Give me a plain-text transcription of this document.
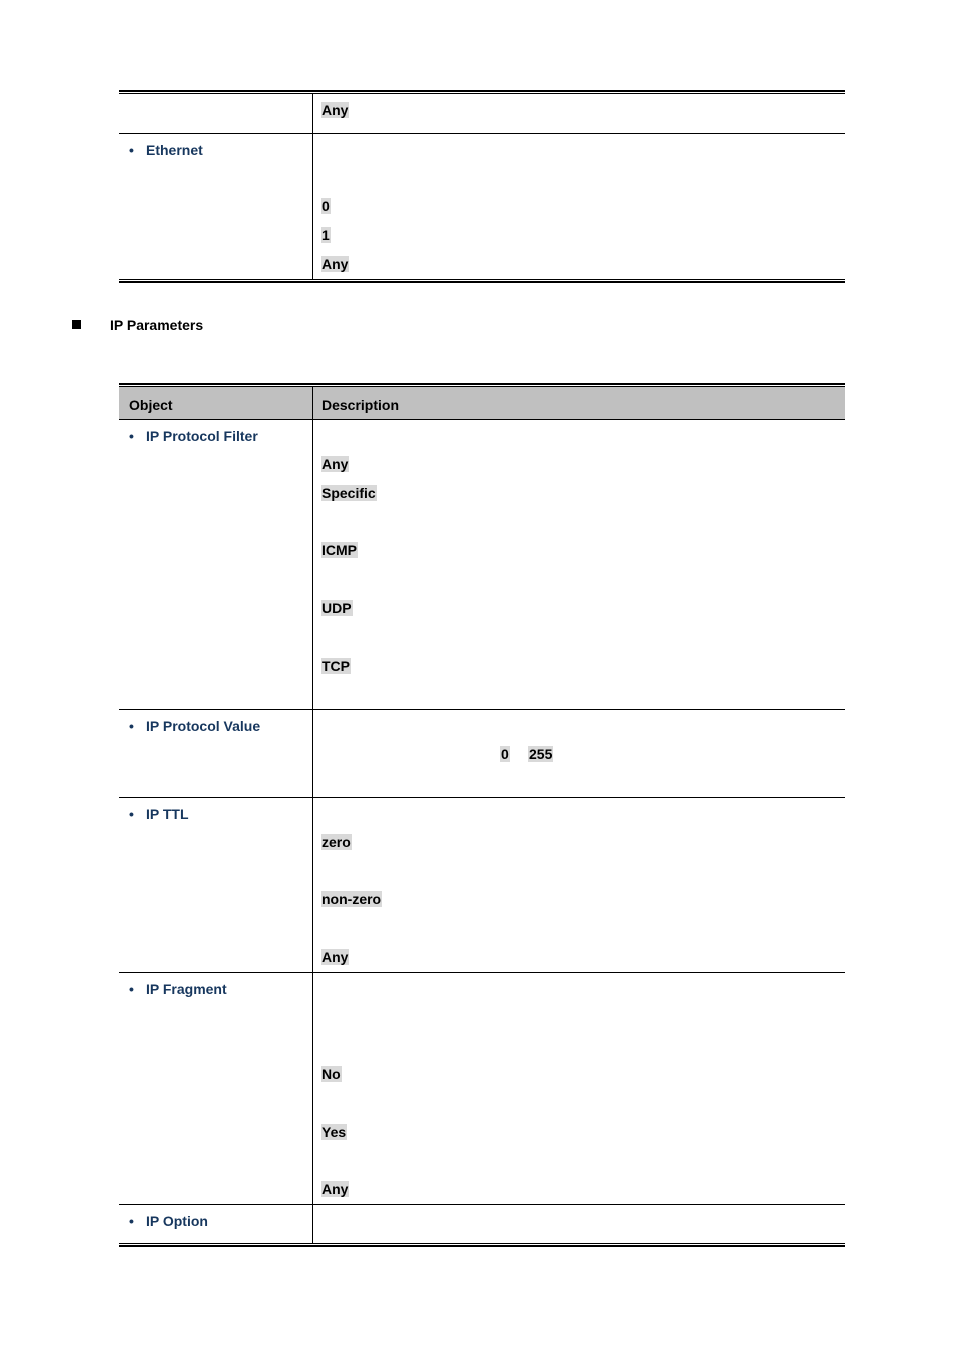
Any
• Ethernet
0
1
Any
IP Parameters
Object	Description
• IP Protocol Filter
Any
Specific
ICMP
UDP
TCP
• IP Protocol Value
0 255
• IP TTL
zero
non-zero
Any
• IP Fragment
No
Yes
Any
• IP Option
